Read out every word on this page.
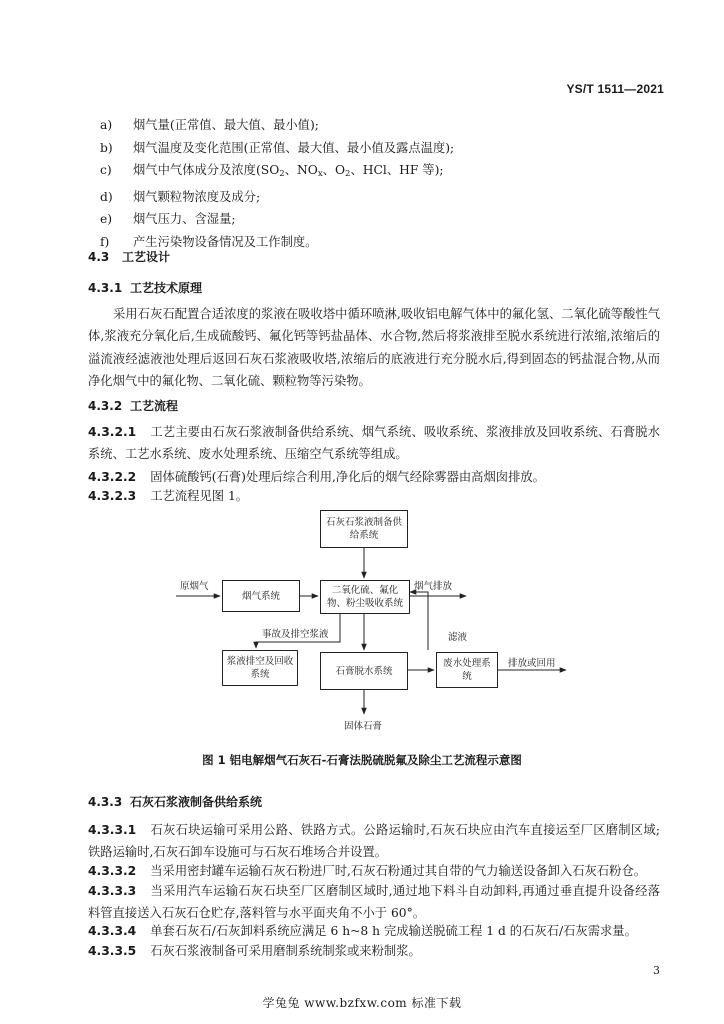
YS/T 1511—2021
a) 烟气量(正常值、最大值、最小值);
b) 烟气温度及变化范围(正常值、最大值、最小值及露点温度);
c) 烟气中气体成分及浓度($SO_2$、$NO_x$、$O_2$、HCl、HF 等);
d) 烟气颗粒物浓度及成分;
e) 烟气压力、含湿量;
f) 产生污染物设备情况及工作制度。
4.3 工艺设计
4.3.1 工艺技术原理

采用石灰石配置合适浓度的浆液在吸收塔中循环喷淋,吸收铝电解气体中的氟化氢、二氧化硫等酸性气体,浆液充分氧化后,生成硫酸钙、氟化钙等钙盐晶体、水合物,然后将浆液排至脱水系统进行浓缩,浓缩后的溢流液经滤液池处理后返回石灰石浆液吸收塔,浓缩后的底液进行充分脱水后,得到固态的钙盐混合物,从而净化烟气中的氟化物、二氧化硫、颗粒物等污染物。

4.3.2 工艺流程

4.3.2.1 工艺主要由石灰石浆液制备供给系统、烟气系统、吸收系统、浆液排放及回收系统、石膏脱水系统、工艺水系统、废水处理系统、压缩空气系统等组成。

4.3.2.2 固体硫酸钙(石膏)处理后综合利用,净化后的烟气经除雾器由高烟囱排放。

4.3.2.3 工艺流程见图 1。

石灰石浆液制备供给系统
烟气系统	二氧化硫、氟化物、粉尘吸收系统
浆液排空及回收系统	石膏脱水系统
废水处理系统
原烟气	烟气排放
事故及排空浆液	滤液
排放或回用
固体石膏
图 1 铝电解烟气石灰石-石膏法脱硫脱氟及除尘工艺流程示意图
4.3.3 石灰石浆液制备供给系统

4.3.3.1 石灰石块运输可采用公路、铁路方式。公路运输时,石灰石块应由汽车直接运至厂区磨制区域;铁路运输时,石灰石卸车设施可与石灰石堆场合并设置。

4.3.3.2 当采用密封罐车运输石灰石粉进厂时,石灰石粉通过其自带的气力输送设备卸入石灰石粉仓。

4.3.3.3 当采用汽车运输石灰石块至厂区磨制区域时,通过地下料斗自动卸料,再通过垂直提升设备经落料管直接送入石灰石仓贮存,落料管与水平面夹角不小于 60°。

4.3.3.4 单套石灰石/石灰卸料系统应满足 6 h~8 h 完成输送脱硫工程 1 d 的石灰石/石灰需求量。

4.3.3.5 石灰石浆液制备可采用磨制系统制浆或来粉制浆。

3
学兔兔 www.bzfxw.com 标准下载
